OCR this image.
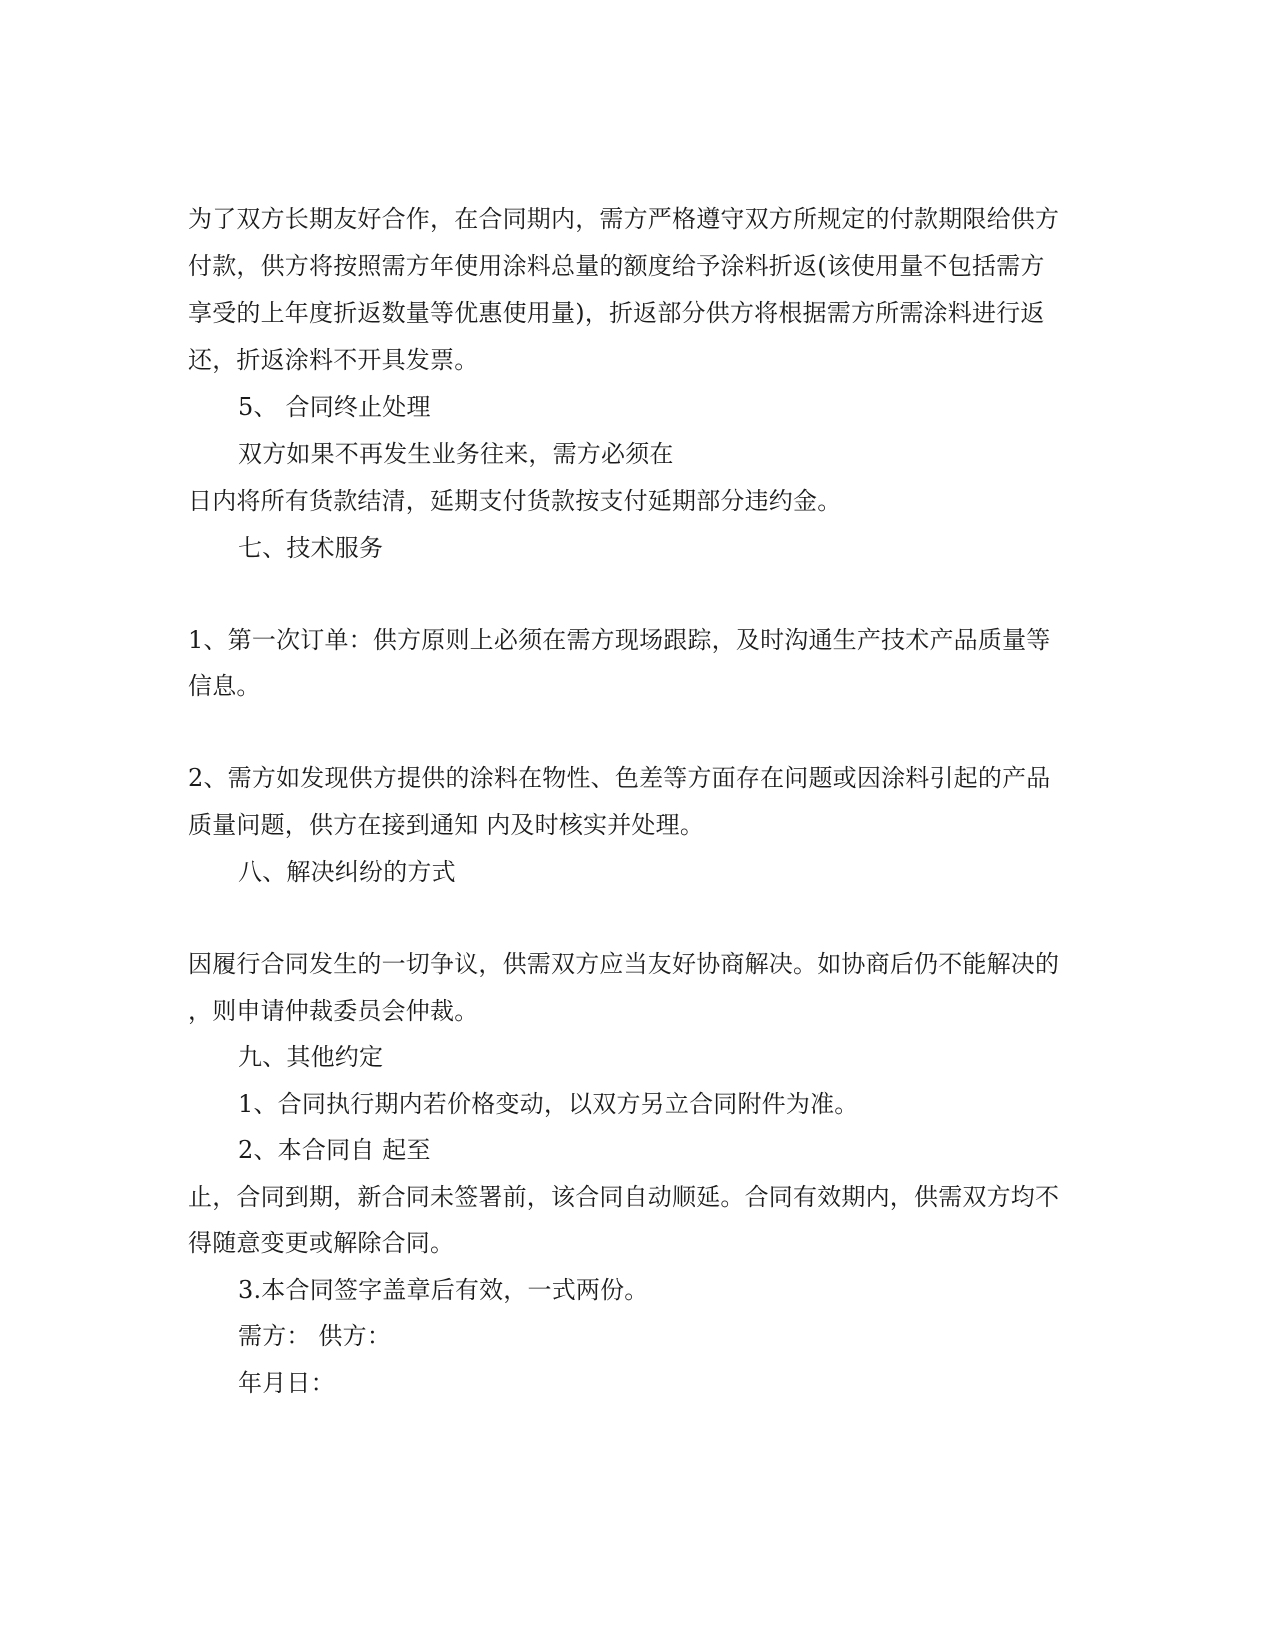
为了双方长期友好合作，在合同期内，需方严格遵守双方所规定的付款期限给供方
付款，供方将按照需方年使用涂料总量的额度给予涂料折返(该使用量不包括需方
享受的上年度折返数量等优惠使用量)，折返部分供方将根据需方所需涂料进行返
还，折返涂料不开具发票。
5、 合同终止处理
双方如果不再发生业务往来，需方必须在
日内将所有货款结清，延期支付货款按支付延期部分违约金。
七、技术服务
1、第一次订单：供方原则上必须在需方现场跟踪，及时沟通生产技术产品质量等
信息。
2、需方如发现供方提供的涂料在物性、色差等方面存在问题或因涂料引起的产品
质量问题，供方在接到通知 内及时核实并处理。
八、解决纠纷的方式
因履行合同发生的一切争议，供需双方应当友好协商解决。如协商后仍不能解决的
，则申请仲裁委员会仲裁。
九、其他约定
1、合同执行期内若价格变动，以双方另立合同附件为准。
2、本合同自 起至
止，合同到期，新合同未签署前，该合同自动顺延。合同有效期内，供需双方均不
得随意变更或解除合同。
3.本合同签字盖章后有效，一式两份。
需方： 供方：
年月日：
